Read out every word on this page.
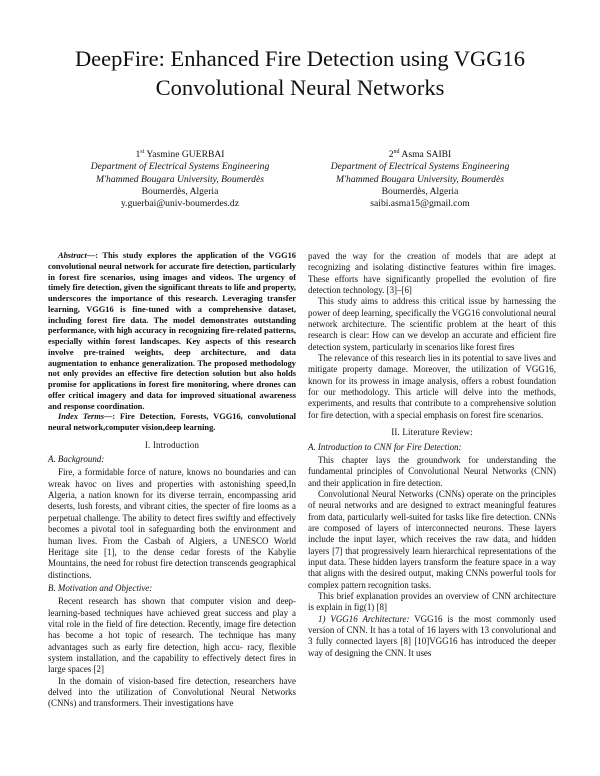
DeepFire: Enhanced Fire Detection using VGG16 Convolutional Neural Networks
1st Yasmine GUERBAI
Department of Electrical Systems Engineering
M'hammed Bougara University, Boumerdès
Boumerdès, Algeria
y.guerbai@univ-boumerdes.dz
2nd Asma SAIBI
Department of Electrical Systems Engineering
M'hammed Bougara University, Boumerdès
Boumerdès, Algeria
saibi.asma15@gmail.com

Abstract—: This study explores the application of the VGG16 convolutional neural network for accurate fire detection, particularly in forest fire scenarios, using images and videos. The urgency of timely fire detection, given the significant threats to life and property, underscores the importance of this research. Leveraging transfer learning, VGG16 is fine-tuned with a comprehensive dataset, including forest fire data. The model demonstrates outstanding performance, with high accuracy in recognizing fire-related patterns, especially within forest landscapes. Key aspects of this research involve pre-trained weights, deep architecture, and data augmentation to enhance generalization. The proposed methodology not only provides an effective fire detection solution but also holds promise for applications in forest fire monitoring, where drones can offer critical imagery and data for improved situational awareness and response coordination.

Index Terms—: Fire Detection, Forests, VGG16, convolutional neural network,computer vision,deep learning.

I. Introduction
A. Background:

Fire, a formidable force of nature, knows no boundaries and can wreak havoc on lives and properties with astonishing speed,In Algeria, a nation known for its diverse terrain, encompassing arid deserts, lush forests, and vibrant cities, the specter of fire looms as a perpetual challenge. The ability to detect fires swiftly and effectively becomes a pivotal tool in safeguarding both the environment and human lives. From the Casbah of Algiers, a UNESCO World Heritage site [1], to the dense cedar forests of the Kabylie Mountains, the need for robust fire detection transcends geographical distinctions.

B. Motivation and Objective:

Recent research has shown that computer vision and deep-learning-based techniques have achieved great success and play a vital role in the field of fire detection. Recently, image fire detection has become a hot topic of research. The technique has many advantages such as early fire detection, high accu- racy, flexible system installation, and the capability to effectively detect fires in large spaces [2]

In the domain of vision-based fire detection, researchers have delved into the utilization of Convolutional Neural Networks (CNNs) and transformers. Their investigations have

paved the way for the creation of models that are adept at recognizing and isolating distinctive features within fire images. These efforts have significantly propelled the evolution of fire detection technology. [3]–[6]

This study aims to address this critical issue by harnessing the power of deep learning, specifically the VGG16 convolutional neural network architecture. The scientific problem at the heart of this research is clear: How can we develop an accurate and efficient fire detection system, particularly in scenarios like forest fires

The relevance of this research lies in its potential to save lives and mitigate property damage. Moreover, the utilization of VGG16, known for its prowess in image analysis, offers a robust foundation for our methodology. This article will delve into the methods, experiments, and results that contribute to a comprehensive solution for fire detection, with a special emphasis on forest fire scenarios.

II. Literature Review:
A. Introduction to CNN for Fire Detection:

This chapter lays the groundwork for understanding the fundamental principles of Convolutional Neural Networks (CNN) and their application in fire detection.

Convolutional Neural Networks (CNNs) operate on the principles of neural networks and are designed to extract meaningful features from data, particularly well-suited for tasks like fire detection. CNNs are composed of layers of interconnected neurons. These layers include the input layer, which receives the raw data, and hidden layers [7] that progressively learn hierarchical representations of the input data. These hidden layers transform the feature space in a way that aligns with the desired output, making CNNs powerful tools for complex pattern recognition tasks.

This brief explanation provides an overview of CNN architecture is explain in fig(1) [8]

1) VGG16 Architecture: VGG16 is the most commonly used version of CNN. It has a total of 16 layers with 13 convolutional and 3 fully connected layers [8] [10]VGG16 has introduced the deeper way of designing the CNN. It uses
